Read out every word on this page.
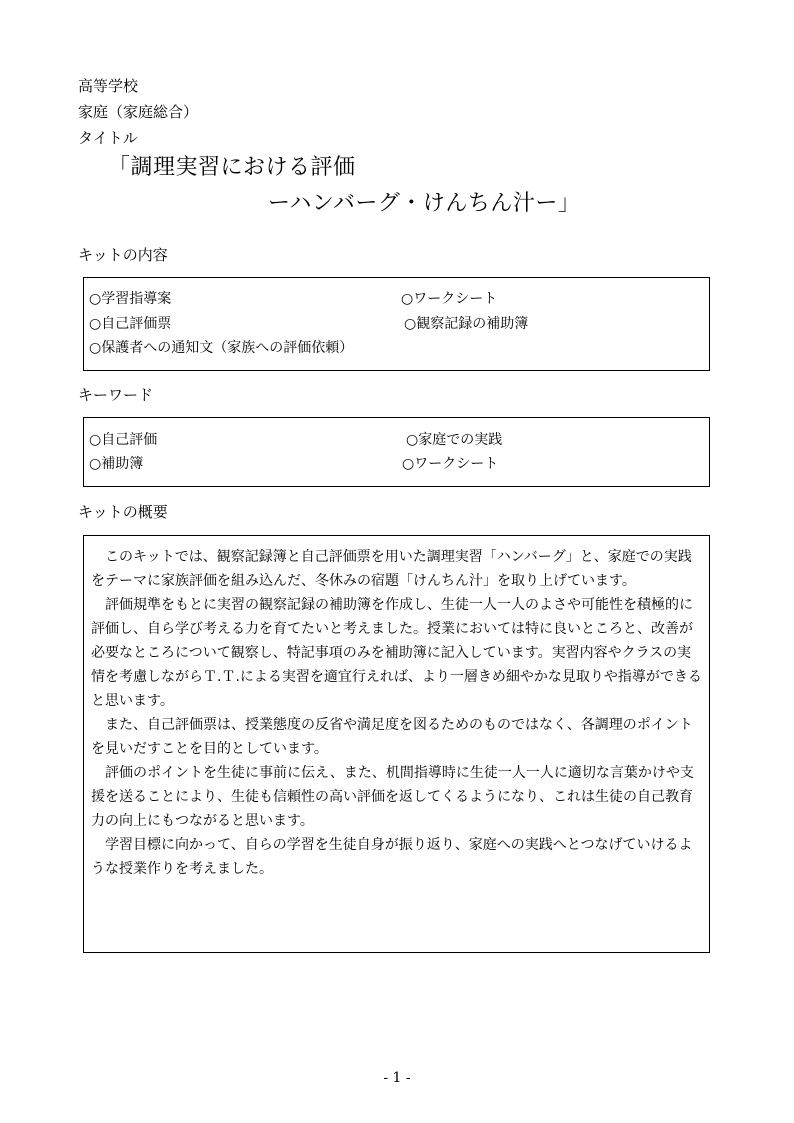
高等学校
家庭（家庭総合）
タイトル
「調理実習における評価
ーハンバーグ・けんちん汁ー」
キットの内容
○学習指導案	○ワークシート
○自己評価票	○観察記録の補助簿
○保護者への通知文（家族への評価依頼）
キーワード
○自己評価	○家庭での実践
○補助簿	○ワークシート
キットの概要

このキットでは、観察記録簿と自己評価票を用いた調理実習「ハンバーグ」と、家庭での実践をテーマに家族評価を組み込んだ、冬休みの宿題「けんちん汁」を取り上げています。

評価規準をもとに実習の観察記録の補助簿を作成し、生徒一人一人のよさや可能性を積極的に評価し、自ら学び考える力を育てたいと考えました。授業においては特に良いところと、改善が必要なところについて観察し、特記事項のみを補助簿に記入しています。実習内容やクラスの実情を考慮しながらＴ.Ｔ.による実習を適宜行えれば、より一層きめ細やかな見取りや指導ができると思います。

また、自己評価票は、授業態度の反省や満足度を図るためのものではなく、各調理のポイントを見いだすことを目的としています。

評価のポイントを生徒に事前に伝え、また、机間指導時に生徒一人一人に適切な言葉かけや支援を送ることにより、生徒も信頼性の高い評価を返してくるようになり、これは生徒の自己教育力の向上にもつながると思います。

学習目標に向かって、自らの学習を生徒自身が振り返り、家庭への実践へとつなげていけるような授業作りを考えました。

- 1 -
